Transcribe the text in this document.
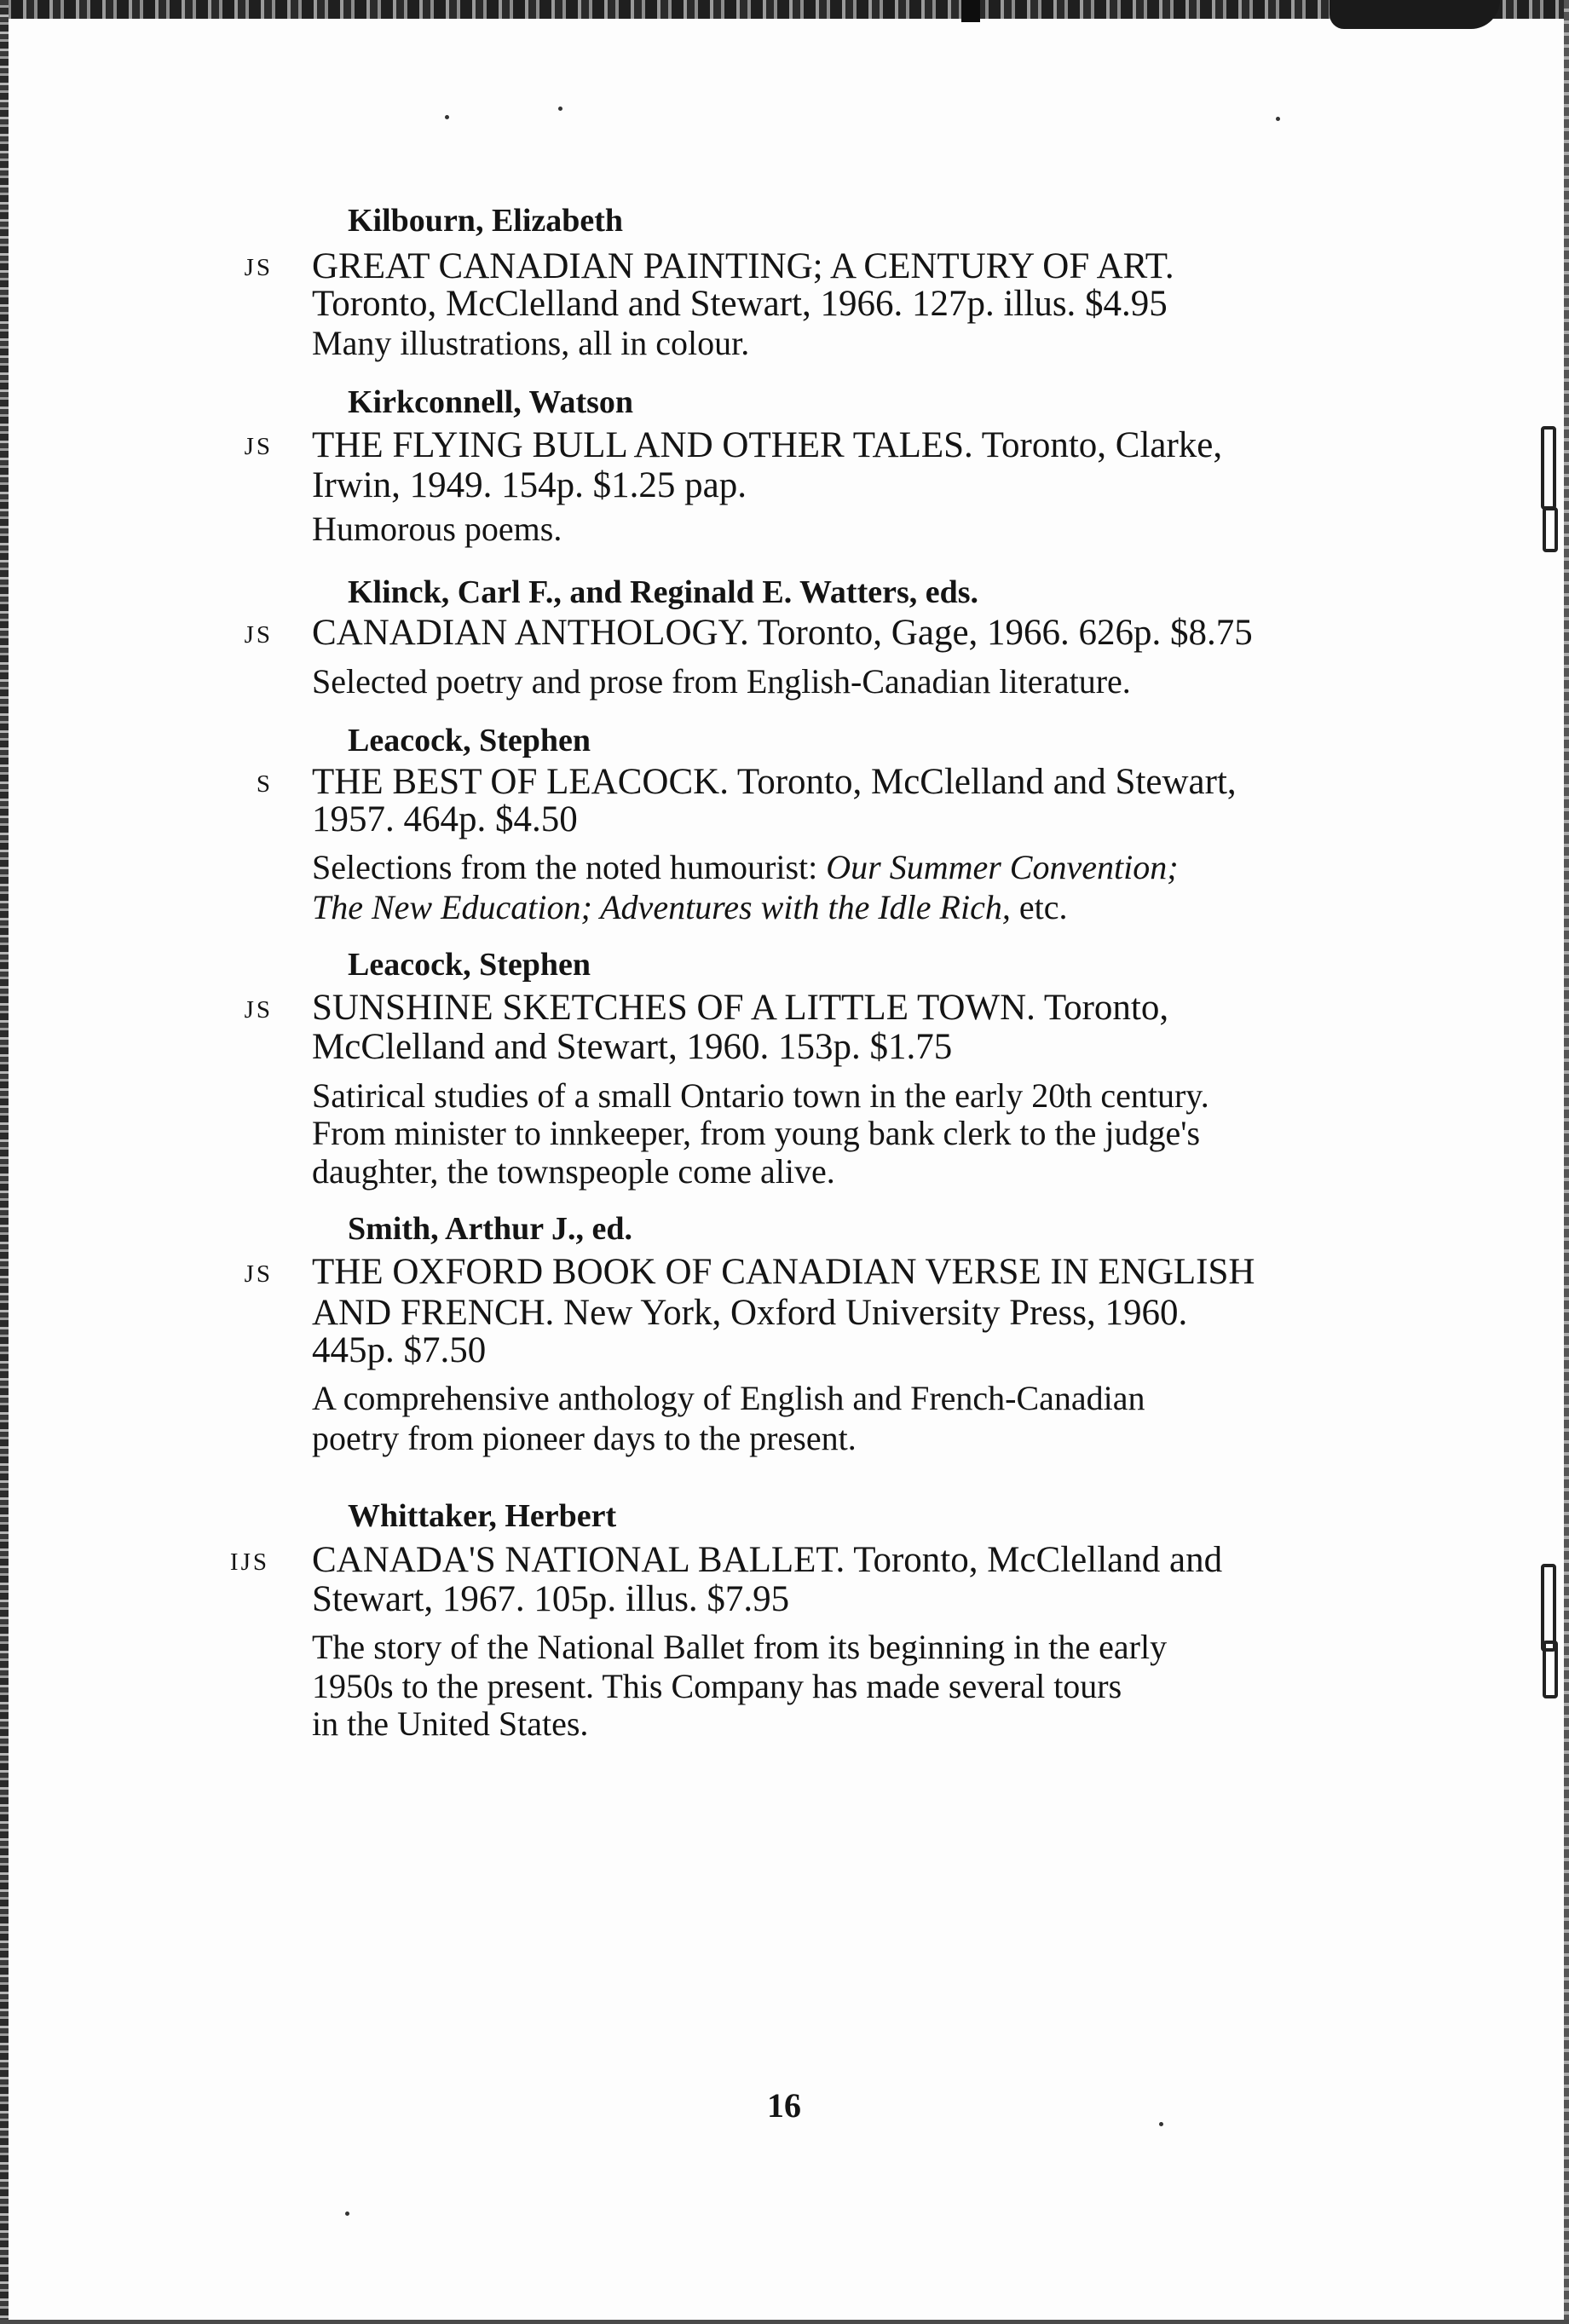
Kilbourn, Elizabeth
JS GREAT CANADIAN PAINTING; A CENTURY OF ART.
Toronto, McClelland and Stewart, 1966. 127p. illus. $4.95
Many illustrations, all in colour.
Kirkconnell, Watson
JS THE FLYING BULL AND OTHER TALES. Toronto, Clarke,
Irwin, 1949. 154p. $1.25 pap.
Humorous poems.
Klinck, Carl F., and Reginald E. Watters, eds.
JS CANADIAN ANTHOLOGY. Toronto, Gage, 1966. 626p. $8.75
Selected poetry and prose from English-Canadian literature.
Leacock, Stephen
S THE BEST OF LEACOCK. Toronto, McClelland and Stewart,
1957. 464p. $4.50
Selections from the noted humourist: Our Summer Convention;
The New Education; Adventures with the Idle Rich, etc.
Leacock, Stephen
JS SUNSHINE SKETCHES OF A LITTLE TOWN. Toronto,
McClelland and Stewart, 1960. 153p. $1.75
Satirical studies of a small Ontario town in the early 20th century.
From minister to innkeeper, from young bank clerk to the judge's
daughter, the townspeople come alive.
Smith, Arthur J., ed.
JS THE OXFORD BOOK OF CANADIAN VERSE IN ENGLISH
AND FRENCH. New York, Oxford University Press, 1960.
445p. $7.50
A comprehensive anthology of English and French-Canadian
poetry from pioneer days to the present.
Whittaker, Herbert
IJS CANADA'S NATIONAL BALLET. Toronto, McClelland and
Stewart, 1967. 105p. illus. $7.95
The story of the National Ballet from its beginning in the early
1950s to the present. This Company has made several tours
in the United States.
16
